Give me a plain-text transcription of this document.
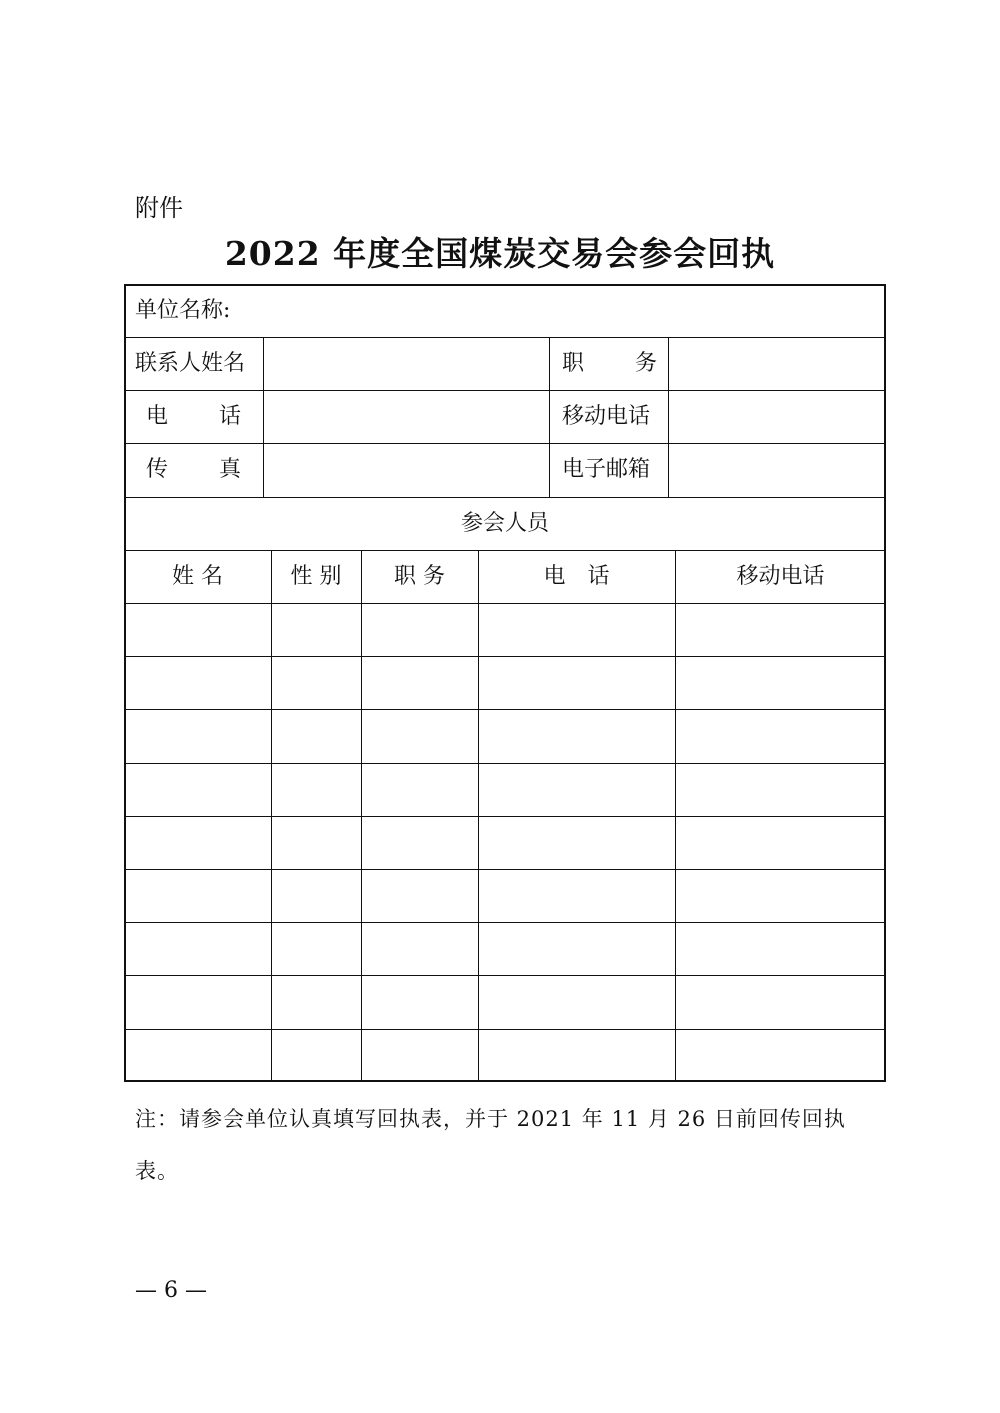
附件
2022 年度全国煤炭交易会参会回执
单位名称:
联系人姓名	职 务
电 话	移动电话
传 真	电子邮箱
参会人员
姓 名	性 别	职 务	电　话	移动电话
注：请参会单位认真填写回执表，并于 2021 年 11 月 26 日前回传回执表。
— 6 —
